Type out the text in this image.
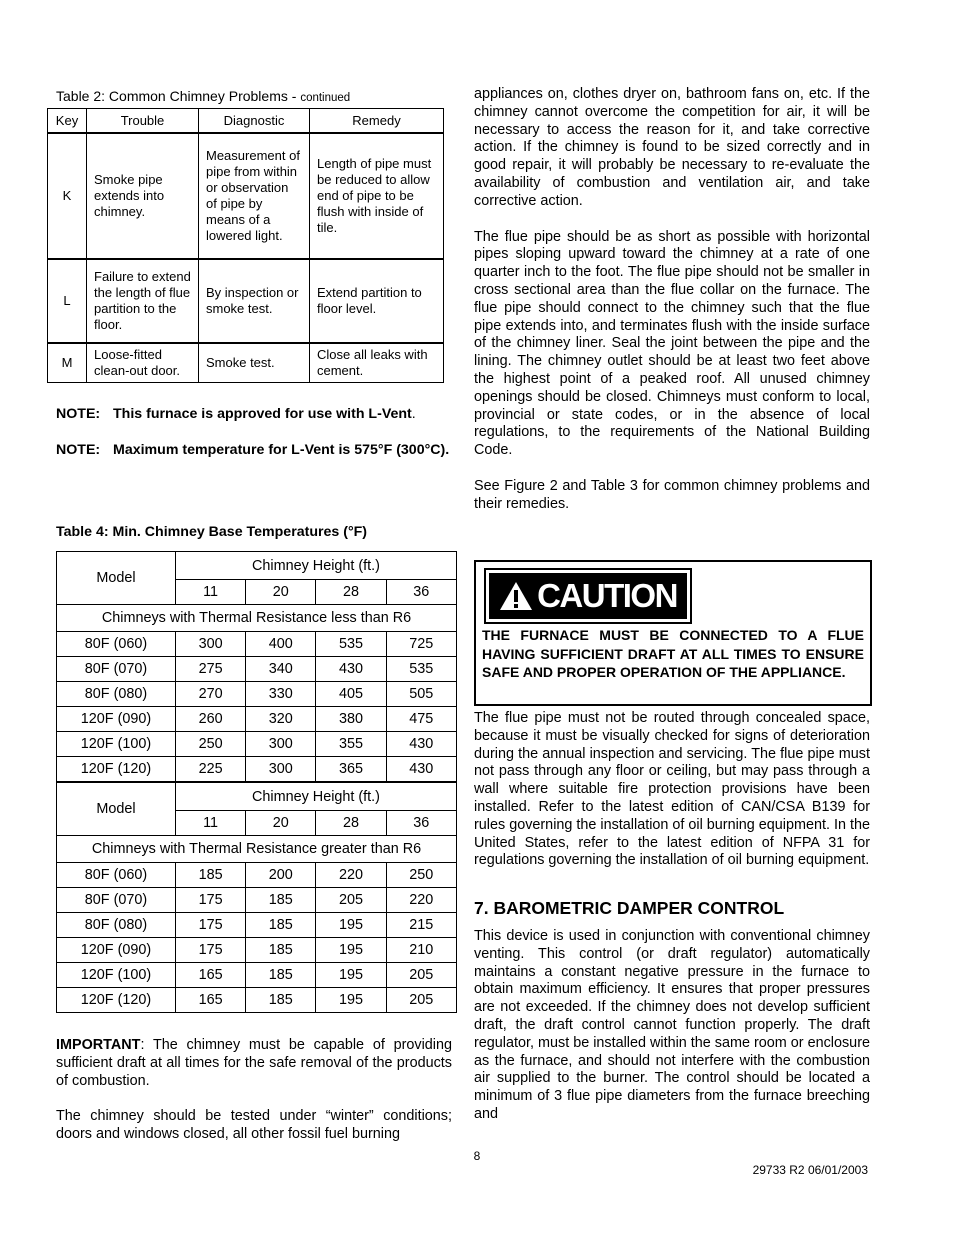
Table 2: Common Chimney Problems - continued
Key	Trouble	Diagnostic	Remedy
K	Smoke pipe extends into chimney.	Measurement of pipe from within or observation of pipe by means of a lowered light.	Length of pipe must be reduced to allow end of pipe to be flush with inside of tile.
L	Failure to extend the length of flue partition to the floor.	By inspection or smoke test.	Extend partition to floor level.
M	Loose-fitted clean-out door.	Smoke test.	Close all leaks with cement.
NOTE: This furnace is approved for use with L-Vent.
NOTE: Maximum temperature for L-Vent is 575°F (300°C).
Table 4: Min. Chimney Base Temperatures (°F)
Model	Chimney Height (ft.)			
	11	20	28	36
Chimneys with Thermal Resistance less than R6				
80F (060)	300	400	535	725
80F (070)	275	340	430	535
80F (080)	270	330	405	505
120F (090)	260	320	380	475
120F (100)	250	300	355	430
120F (120)	225	300	365	430
Model	Chimney Height (ft.)			
	11	20	28	36
Chimneys with Thermal Resistance greater than R6				
80F (060)	185	200	220	250
80F (070)	175	185	205	220
80F (080)	175	185	195	215
120F (090)	175	185	195	210
120F (100)	165	185	195	205
120F (120)	165	185	195	205

IMPORTANT: The chimney must be capable of providing sufficient draft at all times for the safe removal of the products of combustion.

The chimney should be tested under “winter” conditions; doors and windows closed, all other fossil fuel burning

appliances on, clothes dryer on, bathroom fans on, etc. If the chimney cannot overcome the competition for air, it will be necessary to access the reason for it, and take corrective action. If the chimney is found to be sized correctly and in good repair, it will probably be necessary to re-evaluate the availability of combustion and ventilation air, and take corrective action.

The flue pipe should be as short as possible with horizontal pipes sloping upward toward the chimney at a rate of one quarter inch to the foot. The flue pipe should not be smaller in cross sectional area than the flue collar on the furnace. The flue pipe should connect to the chimney such that the flue pipe extends into, and terminates flush with the inside surface of the chimney liner. Seal the joint between the pipe and the lining. The chimney outlet should be at least two feet above the highest point of a peaked roof. All unused chimney openings should be closed. Chimneys must conform to local, provincial or state codes, or in the absence of local regulations, to the requirements of the National Building Code.

See Figure 2 and Table 3 for common chimney problems and their remedies.

CAUTION
THE FURNACE MUST BE CONNECTED TO A FLUE HAVING SUFFICIENT DRAFT AT ALL TIMES TO ENSURE SAFE AND PROPER OPERATION OF THE APPLIANCE.

The flue pipe must not be routed through concealed space, because it must be visually checked for signs of deterioration during the annual inspection and servicing. The flue pipe must not pass through any floor or ceiling, but may pass through a wall where suitable fire protection provisions have been installed. Refer to the latest edition of CAN/CSA B139 for rules governing the installation of oil burning equipment. In the United States, refer to the latest edition of NFPA 31 for regulations governing the installation of oil burning equipment.

7. BAROMETRIC DAMPER CONTROL

This device is used in conjunction with conventional chimney venting. This control (or draft regulator) automatically maintains a constant negative pressure in the furnace to obtain maximum efficiency. It ensures that proper pressures are not exceeded. If the chimney does not develop sufficient draft, the draft control cannot function properly. The draft regulator, must be installed within the same room or enclosure as the furnace, and should not interfere with the combustion air supplied to the burner. The control should be located a minimum of 3 flue pipe diameters from the furnace breeching and

8
29733 R2 06/01/2003
